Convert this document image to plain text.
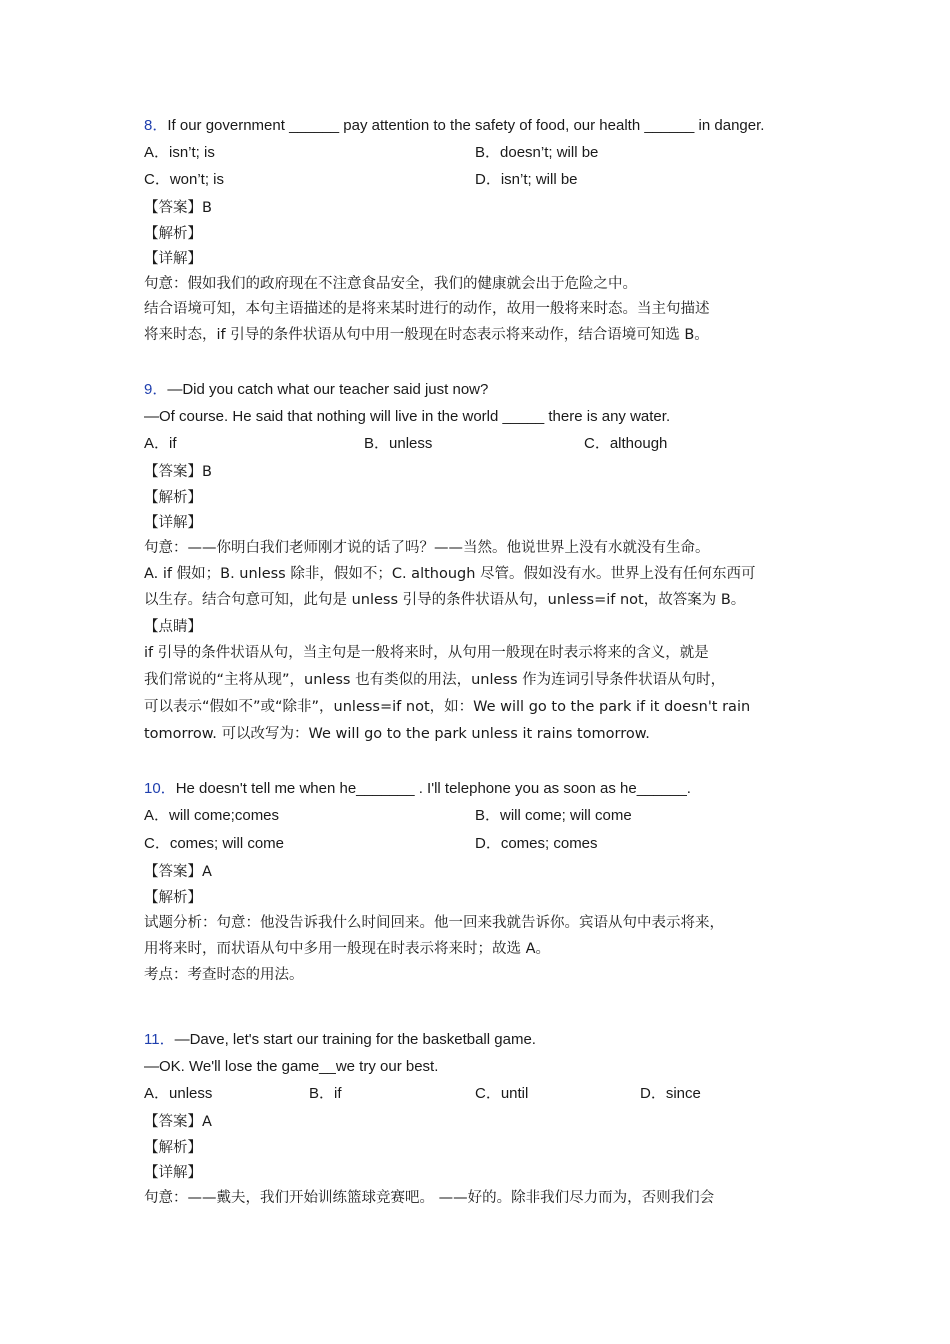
8．If our government ______ pay attention to the safety of food, our health ______ in danger.
A．isn’t; is	B．doesn’t; will be
C．won’t; is	D．isn’t; will be
【答案】B
【解析】
【详解】
句意：假如我们的政府现在不注意食品安全，我们的健康就会出于危险之中。
结合语境可知，本句主语描述的是将来某时进行的动作，故用一般将来时态。当主句描述
将来时态，if 引导的条件状语从句中用一般现在时态表示将来动作，结合语境可知选 B。
9．—Did you catch what our teacher said just now?
—Of course. He said that nothing will live in the world _____ there is any water.
A．if	B．unless	C．although
【答案】B
【解析】
【详解】
句意：——你明白我们老师刚才说的话了吗？——当然。他说世界上没有水就没有生命。
A. if 假如；B. unless 除非，假如不；C. although 尽管。假如没有水。世界上没有任何东西可
以生存。结合句意可知，此句是 unless 引导的条件状语从句，unless=if not，故答案为 B。
【点睛】
if 引导的条件状语从句，当主句是一般将来时，从句用一般现在时表示将来的含义，就是
我们常说的“主将从现”，unless 也有类似的用法，unless 作为连词引导条件状语从句时，
可以表示“假如不”或“除非”，unless=if not，如：We will go to the park if it doesn't rain
tomorrow. 可以改写为：We will go to the park unless it rains tomorrow.
10．He doesn't tell me when he_______ . I'll telephone you as soon as he______.
A．will come;comes	B．will come; will come
C．comes; will come	D．comes; comes
【答案】A
【解析】
试题分析：句意：他没告诉我什么时间回来。他一回来我就告诉你。宾语从句中表示将来，
用将来时，而状语从句中多用一般现在时表示将来时；故选 A。
考点：考查时态的用法。
11．—Dave, let's start our training for the basketball game.
—OK. We'll lose the game__we try our best.
A．unless	B．if	C．until	D．since
【答案】A
【解析】
【详解】
句意：——戴夫，我们开始训练篮球竞赛吧。 ——好的。除非我们尽力而为，否则我们会
